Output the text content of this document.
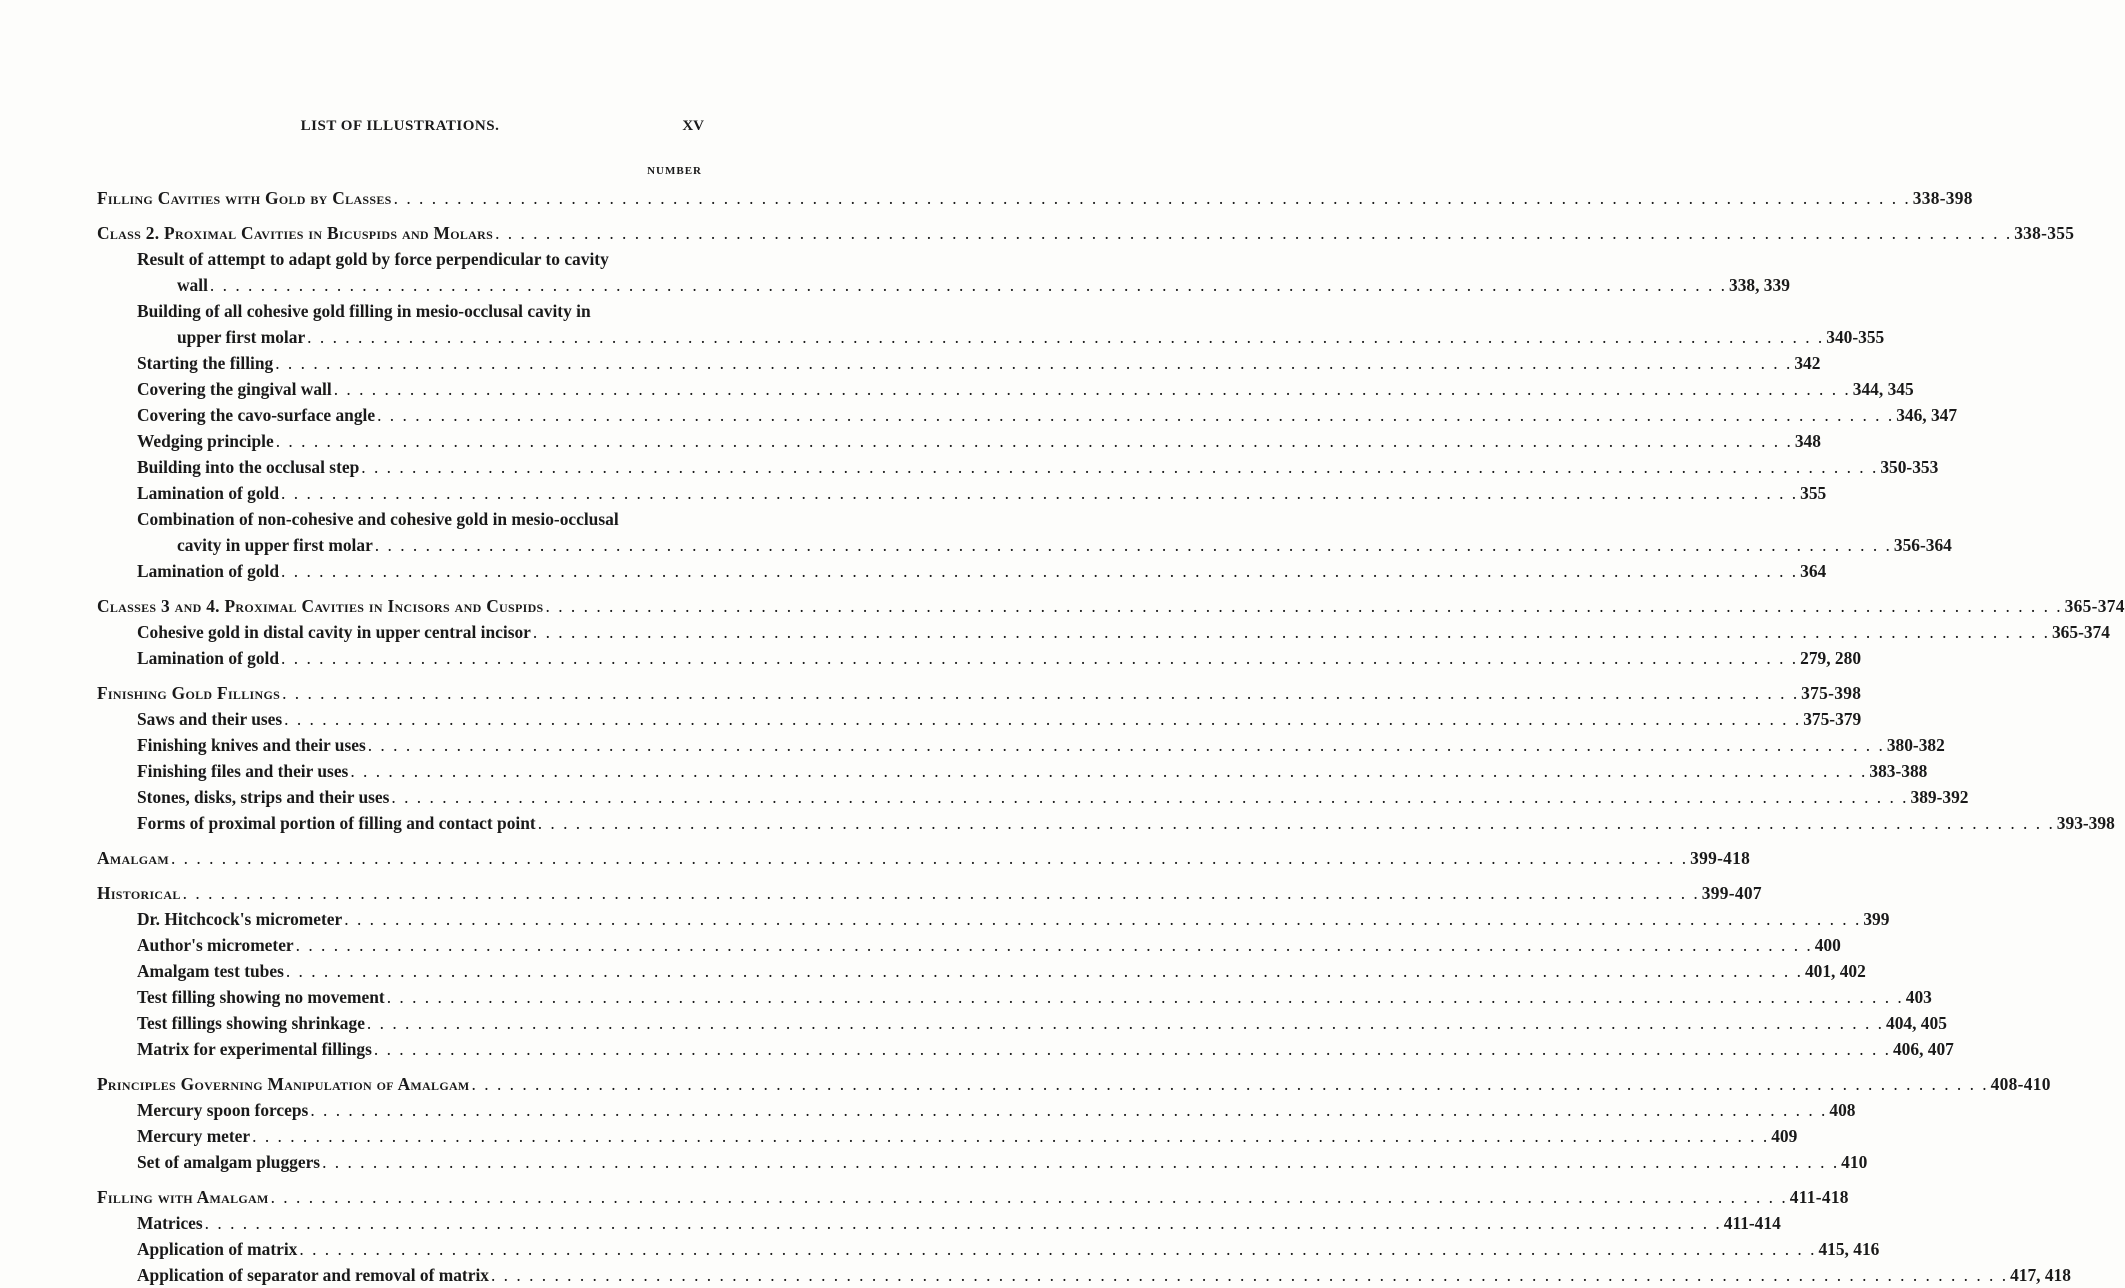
LIST OF ILLUSTRATIONS.	XV
NUMBER
Filling Cavities with Gold by Classes . . . . . . . . . . . . . . . . . . . . . . . . . . . . . . . . . . . . . . . . . . . . . . . . . . . . . . . . . . . . . . . . . . . . . . . . . . . . . . . . . . . . . . . . . . . . . . . . . . . . . . . . . . . . . . . . . . . . . . . . 338-398
Class 2. Proximal Cavities in Bicuspids and Molars . . . . . . . . . . . . . . . . . . . . . . . . . . . . . . . . . . . . . . . . . . . . . . . . . . . . . . . . . . . . . . . . . . . . . . . . . . . . . . . . . . . . . . . . . . . . . . . . . . . . . . . . . . . . . . . . . . . . . . . . 338-355
Result of attempt to adapt gold by force perpendicular to cavity
wall . . . . . . . . . . . . . . . . . . . . . . . . . . . . . . . . . . . . . . . . . . . . . . . . . . . . . . . . . . . . . . . . . . . . . . . . . . . . . . . . . . . . . . . . . . . . . . . . . . . . . . . . . . . . . . . . . . . . . . . . 338, 339
Building of all cohesive gold filling in mesio-occlusal cavity in
upper first molar . . . . . . . . . . . . . . . . . . . . . . . . . . . . . . . . . . . . . . . . . . . . . . . . . . . . . . . . . . . . . . . . . . . . . . . . . . . . . . . . . . . . . . . . . . . . . . . . . . . . . . . . . . . . . . . . . . . . . . . . 340-355
Starting the filling . . . . . . . . . . . . . . . . . . . . . . . . . . . . . . . . . . . . . . . . . . . . . . . . . . . . . . . . . . . . . . . . . . . . . . . . . . . . . . . . . . . . . . . . . . . . . . . . . . . . . . . . . . . . . . . . . . . . . . . . 342
Covering the gingival wall . . . . . . . . . . . . . . . . . . . . . . . . . . . . . . . . . . . . . . . . . . . . . . . . . . . . . . . . . . . . . . . . . . . . . . . . . . . . . . . . . . . . . . . . . . . . . . . . . . . . . . . . . . . . . . . . . . . . . . . . 344, 345
Covering the cavo-surface angle . . . . . . . . . . . . . . . . . . . . . . . . . . . . . . . . . . . . . . . . . . . . . . . . . . . . . . . . . . . . . . . . . . . . . . . . . . . . . . . . . . . . . . . . . . . . . . . . . . . . . . . . . . . . . . . . . . . . . . . . 346, 347
Wedging principle . . . . . . . . . . . . . . . . . . . . . . . . . . . . . . . . . . . . . . . . . . . . . . . . . . . . . . . . . . . . . . . . . . . . . . . . . . . . . . . . . . . . . . . . . . . . . . . . . . . . . . . . . . . . . . . . . . . . . . . . 348
Building into the occlusal step . . . . . . . . . . . . . . . . . . . . . . . . . . . . . . . . . . . . . . . . . . . . . . . . . . . . . . . . . . . . . . . . . . . . . . . . . . . . . . . . . . . . . . . . . . . . . . . . . . . . . . . . . . . . . . . . . . . . . . . . 350-353
Lamination of gold . . . . . . . . . . . . . . . . . . . . . . . . . . . . . . . . . . . . . . . . . . . . . . . . . . . . . . . . . . . . . . . . . . . . . . . . . . . . . . . . . . . . . . . . . . . . . . . . . . . . . . . . . . . . . . . . . . . . . . . . 355
Combination of non-cohesive and cohesive gold in mesio-occlusal
cavity in upper first molar . . . . . . . . . . . . . . . . . . . . . . . . . . . . . . . . . . . . . . . . . . . . . . . . . . . . . . . . . . . . . . . . . . . . . . . . . . . . . . . . . . . . . . . . . . . . . . . . . . . . . . . . . . . . . . . . . . . . . . . . 356-364
Lamination of gold . . . . . . . . . . . . . . . . . . . . . . . . . . . . . . . . . . . . . . . . . . . . . . . . . . . . . . . . . . . . . . . . . . . . . . . . . . . . . . . . . . . . . . . . . . . . . . . . . . . . . . . . . . . . . . . . . . . . . . . . 364
Classes 3 and 4. Proximal Cavities in Incisors and Cuspids . . . . . . . . . . . . . . . . . . . . . . . . . . . . . . . . . . . . . . . . . . . . . . . . . . . . . . . . . . . . . . . . . . . . . . . . . . . . . . . . . . . . . . . . . . . . . . . . . . . . . . . . . . . . . . . . . . . . . . . . 365-374
Cohesive gold in distal cavity in upper central incisor . . . . . . . . . . . . . . . . . . . . . . . . . . . . . . . . . . . . . . . . . . . . . . . . . . . . . . . . . . . . . . . . . . . . . . . . . . . . . . . . . . . . . . . . . . . . . . . . . . . . . . . . . . . . . . . . . . . . . . . . 365-374
Lamination of gold . . . . . . . . . . . . . . . . . . . . . . . . . . . . . . . . . . . . . . . . . . . . . . . . . . . . . . . . . . . . . . . . . . . . . . . . . . . . . . . . . . . . . . . . . . . . . . . . . . . . . . . . . . . . . . . . . . . . . . . . 279, 280
Finishing Gold Fillings . . . . . . . . . . . . . . . . . . . . . . . . . . . . . . . . . . . . . . . . . . . . . . . . . . . . . . . . . . . . . . . . . . . . . . . . . . . . . . . . . . . . . . . . . . . . . . . . . . . . . . . . . . . . . . . . . . . . . . . . 375-398
Saws and their uses . . . . . . . . . . . . . . . . . . . . . . . . . . . . . . . . . . . . . . . . . . . . . . . . . . . . . . . . . . . . . . . . . . . . . . . . . . . . . . . . . . . . . . . . . . . . . . . . . . . . . . . . . . . . . . . . . . . . . . . . 375-379
Finishing knives and their uses . . . . . . . . . . . . . . . . . . . . . . . . . . . . . . . . . . . . . . . . . . . . . . . . . . . . . . . . . . . . . . . . . . . . . . . . . . . . . . . . . . . . . . . . . . . . . . . . . . . . . . . . . . . . . . . . . . . . . . . . 380-382
Finishing files and their uses . . . . . . . . . . . . . . . . . . . . . . . . . . . . . . . . . . . . . . . . . . . . . . . . . . . . . . . . . . . . . . . . . . . . . . . . . . . . . . . . . . . . . . . . . . . . . . . . . . . . . . . . . . . . . . . . . . . . . . . . 383-388
Stones, disks, strips and their uses . . . . . . . . . . . . . . . . . . . . . . . . . . . . . . . . . . . . . . . . . . . . . . . . . . . . . . . . . . . . . . . . . . . . . . . . . . . . . . . . . . . . . . . . . . . . . . . . . . . . . . . . . . . . . . . . . . . . . . . . 389-392
Forms of proximal portion of filling and contact point . . . . . . . . . . . . . . . . . . . . . . . . . . . . . . . . . . . . . . . . . . . . . . . . . . . . . . . . . . . . . . . . . . . . . . . . . . . . . . . . . . . . . . . . . . . . . . . . . . . . . . . . . . . . . . . . . . . . . . . . 393-398
Amalgam . . . . . . . . . . . . . . . . . . . . . . . . . . . . . . . . . . . . . . . . . . . . . . . . . . . . . . . . . . . . . . . . . . . . . . . . . . . . . . . . . . . . . . . . . . . . . . . . . . . . . . . . . . . . . . . . . . . . . . . . 399-418
Historical . . . . . . . . . . . . . . . . . . . . . . . . . . . . . . . . . . . . . . . . . . . . . . . . . . . . . . . . . . . . . . . . . . . . . . . . . . . . . . . . . . . . . . . . . . . . . . . . . . . . . . . . . . . . . . . . . . . . . . . . 399-407
Dr. Hitchcock's micrometer . . . . . . . . . . . . . . . . . . . . . . . . . . . . . . . . . . . . . . . . . . . . . . . . . . . . . . . . . . . . . . . . . . . . . . . . . . . . . . . . . . . . . . . . . . . . . . . . . . . . . . . . . . . . . . . . . . . . . . . . 399
Author's micrometer . . . . . . . . . . . . . . . . . . . . . . . . . . . . . . . . . . . . . . . . . . . . . . . . . . . . . . . . . . . . . . . . . . . . . . . . . . . . . . . . . . . . . . . . . . . . . . . . . . . . . . . . . . . . . . . . . . . . . . . . 400
Amalgam test tubes . . . . . . . . . . . . . . . . . . . . . . . . . . . . . . . . . . . . . . . . . . . . . . . . . . . . . . . . . . . . . . . . . . . . . . . . . . . . . . . . . . . . . . . . . . . . . . . . . . . . . . . . . . . . . . . . . . . . . . . . 401, 402
Test filling showing no movement . . . . . . . . . . . . . . . . . . . . . . . . . . . . . . . . . . . . . . . . . . . . . . . . . . . . . . . . . . . . . . . . . . . . . . . . . . . . . . . . . . . . . . . . . . . . . . . . . . . . . . . . . . . . . . . . . . . . . . . . 403
Test fillings showing shrinkage . . . . . . . . . . . . . . . . . . . . . . . . . . . . . . . . . . . . . . . . . . . . . . . . . . . . . . . . . . . . . . . . . . . . . . . . . . . . . . . . . . . . . . . . . . . . . . . . . . . . . . . . . . . . . . . . . . . . . . . . 404, 405
Matrix for experimental fillings . . . . . . . . . . . . . . . . . . . . . . . . . . . . . . . . . . . . . . . . . . . . . . . . . . . . . . . . . . . . . . . . . . . . . . . . . . . . . . . . . . . . . . . . . . . . . . . . . . . . . . . . . . . . . . . . . . . . . . . . 406, 407
Principles Governing Manipulation of Amalgam . . . . . . . . . . . . . . . . . . . . . . . . . . . . . . . . . . . . . . . . . . . . . . . . . . . . . . . . . . . . . . . . . . . . . . . . . . . . . . . . . . . . . . . . . . . . . . . . . . . . . . . . . . . . . . . . . . . . . . . . 408-410
Mercury spoon forceps . . . . . . . . . . . . . . . . . . . . . . . . . . . . . . . . . . . . . . . . . . . . . . . . . . . . . . . . . . . . . . . . . . . . . . . . . . . . . . . . . . . . . . . . . . . . . . . . . . . . . . . . . . . . . . . . . . . . . . . . 408
Mercury meter . . . . . . . . . . . . . . . . . . . . . . . . . . . . . . . . . . . . . . . . . . . . . . . . . . . . . . . . . . . . . . . . . . . . . . . . . . . . . . . . . . . . . . . . . . . . . . . . . . . . . . . . . . . . . . . . . . . . . . . . 409
Set of amalgam pluggers . . . . . . . . . . . . . . . . . . . . . . . . . . . . . . . . . . . . . . . . . . . . . . . . . . . . . . . . . . . . . . . . . . . . . . . . . . . . . . . . . . . . . . . . . . . . . . . . . . . . . . . . . . . . . . . . . . . . . . . . 410
Filling with Amalgam . . . . . . . . . . . . . . . . . . . . . . . . . . . . . . . . . . . . . . . . . . . . . . . . . . . . . . . . . . . . . . . . . . . . . . . . . . . . . . . . . . . . . . . . . . . . . . . . . . . . . . . . . . . . . . . . . . . . . . . . 411-418
Matrices . . . . . . . . . . . . . . . . . . . . . . . . . . . . . . . . . . . . . . . . . . . . . . . . . . . . . . . . . . . . . . . . . . . . . . . . . . . . . . . . . . . . . . . . . . . . . . . . . . . . . . . . . . . . . . . . . . . . . . . . 411-414
Application of matrix . . . . . . . . . . . . . . . . . . . . . . . . . . . . . . . . . . . . . . . . . . . . . . . . . . . . . . . . . . . . . . . . . . . . . . . . . . . . . . . . . . . . . . . . . . . . . . . . . . . . . . . . . . . . . . . . . . . . . . . . 415, 416
Application of separator and removal of matrix . . . . . . . . . . . . . . . . . . . . . . . . . . . . . . . . . . . . . . . . . . . . . . . . . . . . . . . . . . . . . . . . . . . . . . . . . . . . . . . . . . . . . . . . . . . . . . . . . . . . . . . . . . . . . . . . . . . . . . . . 417, 418
